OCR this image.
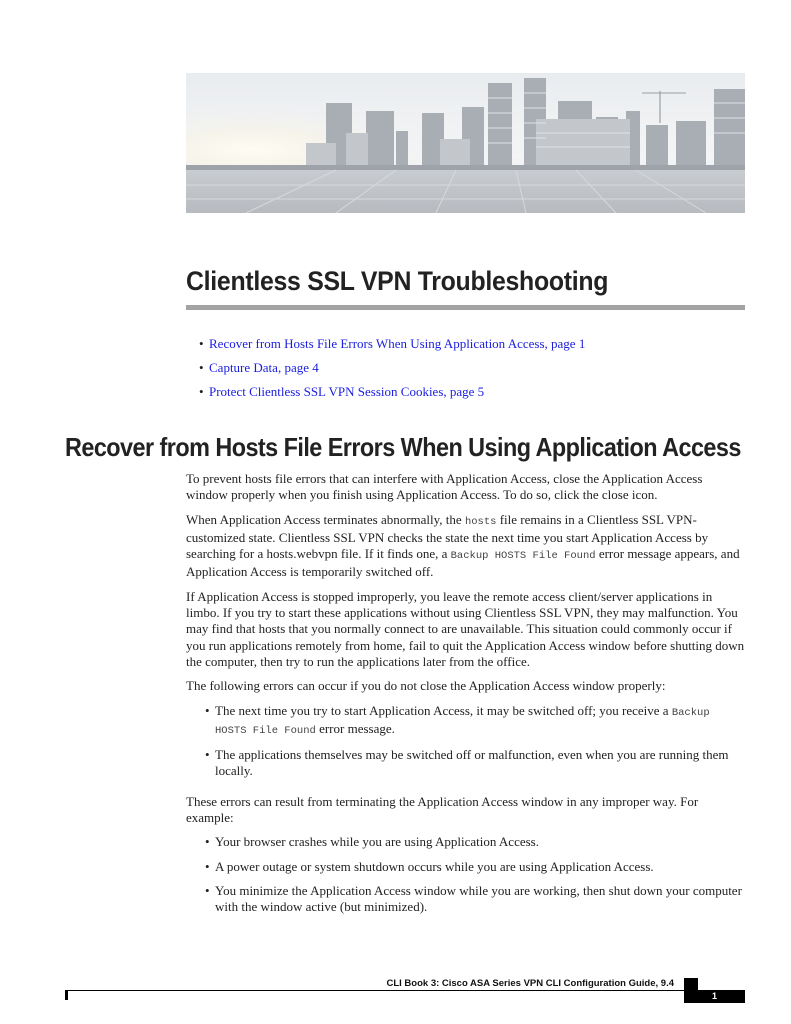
Clientless SSL VPN Troubleshooting
• Recover from Hosts File Errors When Using Application Access, page 1
• Capture Data, page 4
• Protect Clientless SSL VPN Session Cookies, page 5
Recover from Hosts File Errors When Using Application Access

To prevent hosts file errors that can interfere with Application Access, close the Application Access window properly when you finish using Application Access. To do so, click the close icon.

When Application Access terminates abnormally, the hosts file remains in a Clientless SSL VPN-customized state. Clientless SSL VPN checks the state the next time you start Application Access by searching for a hosts.webvpn file. If it finds one, a Backup HOSTS File Found error message appears, and Application Access is temporarily switched off.

If Application Access is stopped improperly, you leave the remote access client/server applications in limbo. If you try to start these applications without using Clientless SSL VPN, they may malfunction. You may find that hosts that you normally connect to are unavailable. This situation could commonly occur if you run applications remotely from home, fail to quit the Application Access window before shutting down the computer, then try to run the applications later from the office.

The following errors can occur if you do not close the Application Access window properly:

• The next time you try to start Application Access, it may be switched off; you receive a Backup HOSTS File Found error message.
• The applications themselves may be switched off or malfunction, even when you are running them locally.

These errors can result from terminating the Application Access window in any improper way. For example:

• Your browser crashes while you are using Application Access.
• A power outage or system shutdown occurs while you are using Application Access.
• You minimize the Application Access window while you are working, then shut down your computer with the window active (but minimized).
CLI Book 3: Cisco ASA Series VPN CLI Configuration Guide, 9.4
1
